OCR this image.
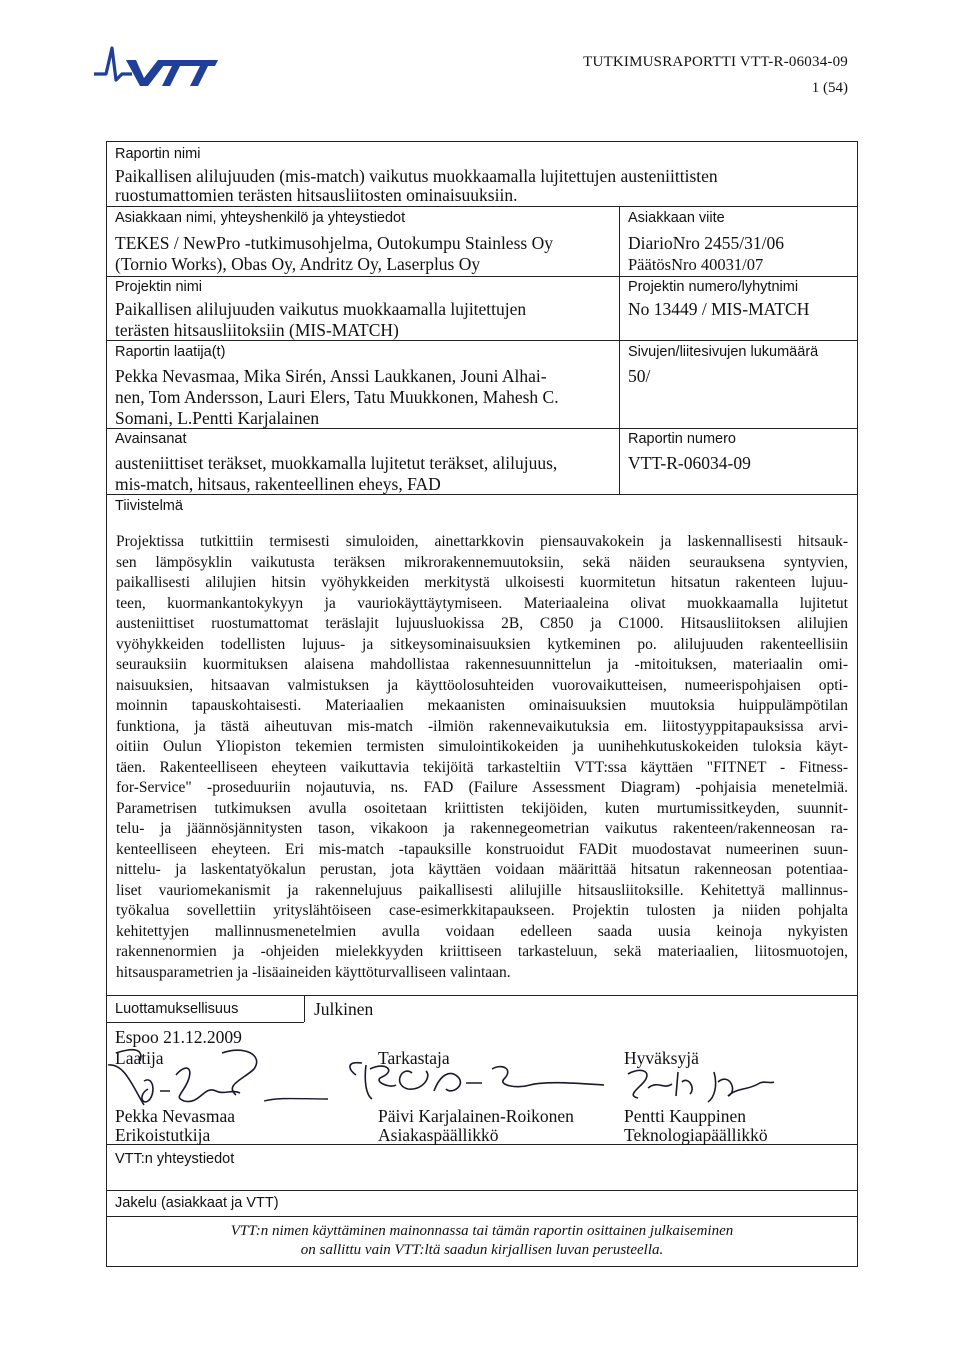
TUTKIMUSRAPORTTI VTT-R-06034-09
1 (54)
Raportin nimi
Paikallisen alilujuuden (mis-match) vaikutus muokkaamalla lujitettujen austeniittisten
ruostumattomien terästen hitsausliitosten ominaisuuksiin.
Asiakkaan nimi, yhteyshenkilö ja yhteystiedot
TEKES / NewPro -tutkimusohjelma, Outokumpu Stainless Oy
(Tornio Works), Obas Oy, Andritz Oy, Laserplus Oy
Asiakkaan viite
DiarioNro 2455/31/06
PäätösNro 40031/07
Projektin nimi
Paikallisen alilujuuden vaikutus muokkaamalla lujitettujen
terästen hitsausliitoksiin (MIS-MATCH)
Projektin numero/lyhytnimi
No 13449 / MIS-MATCH
Raportin laatija(t)
Pekka Nevasmaa, Mika Sirén, Anssi Laukkanen, Jouni Alhai-
nen, Tom Andersson, Lauri Elers, Tatu Muukkonen, Mahesh C.
Somani, L.Pentti Karjalainen
Sivujen/liitesivujen lukumäärä
50/
Avainsanat
austeniittiset teräkset, muokkamalla lujitetut teräkset, alilujuus,
mis-match, hitsaus, rakenteellinen eheys, FAD
Raportin numero
VTT-R-06034-09
Tiivistelmä
Projektissa tutkittiin termisesti simuloiden, ainettarkkovin piensauvakokein ja laskennallisesti hitsauk-
sen lämpösyklin vaikutusta teräksen mikrorakennemuutoksiin, sekä näiden seurauksena syntyvien,
paikallisesti alilujien hitsin vyöhykkeiden merkitystä ulkoisesti kuormitetun hitsatun rakenteen lujuu-
teen, kuormankantokykyyn ja vauriokäyttäytymiseen. Materiaaleina olivat muokkaamalla lujitetut
austeniittiset ruostumattomat teräslajit lujuusluokissa 2B, C850 ja C1000. Hitsausliitoksen alilujien
vyöhykkeiden todellisten lujuus- ja sitkeysominaisuuksien kytkeminen po. alilujuuden rakenteellisiin
seurauksiin kuormituksen alaisena mahdollistaa rakennesuunnittelun ja -mitoituksen, materiaalin omi-
naisuuksien, hitsaavan valmistuksen ja käyttöolosuhteiden vuorovaikutteisen, numeerispohjaisen opti-
moinnin tapauskohtaisesti. Materiaalien mekaanisten ominaisuuksien muutoksia huippulämpötilan
funktiona, ja tästä aiheutuvan mis-match -ilmiön rakennevaikutuksia em. liitostyyppitapauksissa arvi-
oitiin Oulun Yliopiston tekemien termisten simulointikokeiden ja uunihehkutuskokeiden tuloksia käyt-
täen. Rakenteelliseen eheyteen vaikuttavia tekijöitä tarkasteltiin VTT:ssa käyttäen "FITNET - Fitness-
for-Service" -proseduuriin nojautuvia, ns. FAD (Failure Assessment Diagram) -pohjaisia menetelmiä.
Parametrisen tutkimuksen avulla osoitetaan kriittisten tekijöiden, kuten murtumissitkeyden, suunnit-
telu- ja jäännösjännitysten tason, vikakoon ja rakennegeometrian vaikutus rakenteen/rakenneosan ra-
kenteelliseen eheyteen. Eri mis-match -tapauksille konstruoidut FADit muodostavat numeerinen suun-
nittelu- ja laskentatyökalun perustan, jota käyttäen voidaan määrittää hitsatun rakenneosan potentiaa-
liset vauriomekanismit ja rakennelujuus paikallisesti alilujille hitsausliitoksille. Kehitettyä mallinnus-
työkalua sovellettiin yrityslähtöiseen case-esimerkkitapaukseen. Projektin tulosten ja niiden pohjalta
kehitettyjen mallinnusmenetelmien avulla voidaan edelleen saada uusia keinoja nykyisten
rakennenormien ja -ohjeiden mielekkyyden kriittiseen tarkasteluun, sekä materiaalien, liitosmuotojen,
hitsausparametrien ja -lisäaineiden käyttöturvalliseen valintaan.
Luottamuksellisuus	Julkinen
Espoo 21.12.2009
Laatija
Pekka Nevasmaa
Erikoistutkija
Tarkastaja
Päivi Karjalainen-Roikonen
Asiakaspäällikkö
Hyväksyjä
Pentti Kauppinen
Teknologiapäällikkö
VTT:n yhteystiedot
Jakelu (asiakkaat ja VTT)
VTT:n nimen käyttäminen mainonnassa tai tämän raportin osittainen julkaiseminen
on sallittu vain VTT:ltä saadun kirjallisen luvan perusteella.
